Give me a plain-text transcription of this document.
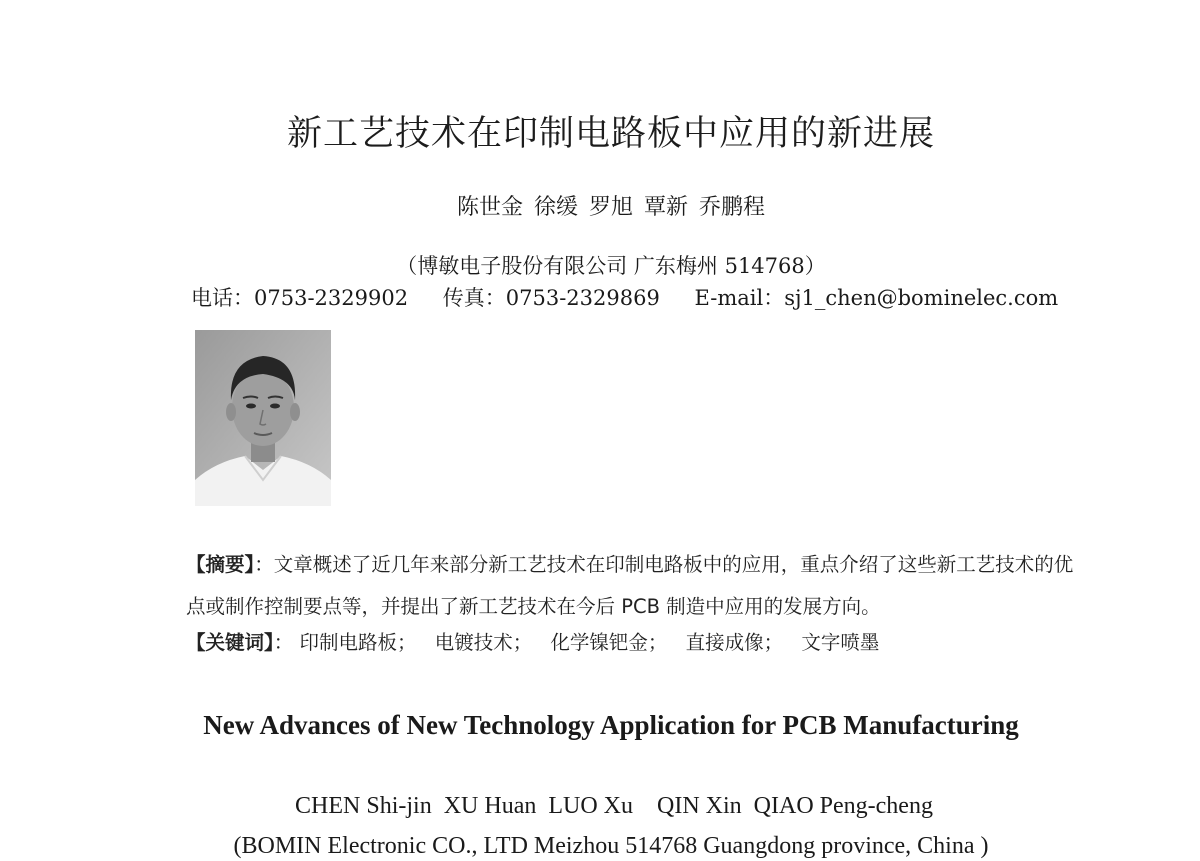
新工艺技术在印制电路板中应用的新进展
陈世金 徐缓 罗旭 覃新 乔鹏程
（博敏电子股份有限公司 广东梅州 514768）
电话：0753-2329902 传真：0753-2329869 E-mail：sj1_chen@bominelec.com
【摘要】：文章概述了近几年来部分新工艺技术在印制电路板中的应用，重点介绍了这些新工艺技术的优点或制作控制要点等，并提出了新工艺技术在今后 PCB 制造中应用的发展方向。
【关键词】： 印制电路板； 电镀技术； 化学镍钯金； 直接成像； 文字喷墨
New Advances of New Technology Application for PCB Manufacturing
CHEN Shi-jin  XU Huan  LUO Xu    QIN Xin  QIAO Peng-cheng
(BOMIN Electronic CO., LTD Meizhou 514768 Guangdong province, China )
